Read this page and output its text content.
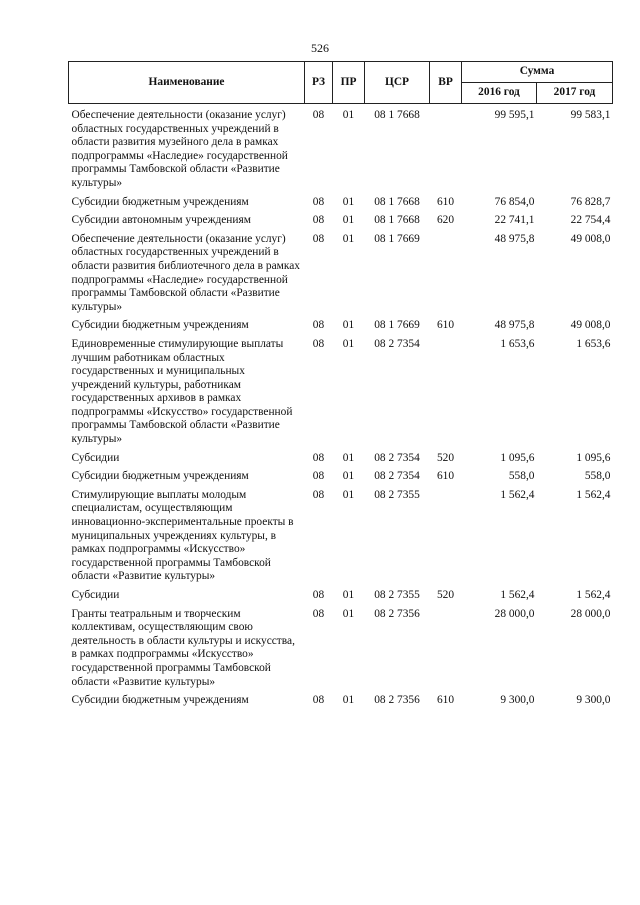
526
Наименование	РЗ	ПР	ЦСР	ВР	Сумма	
					2016 год	2017 год
Обеспечение деятельности (оказание услуг) областных государственных учреждений в области развития музейного дела в рамках подпрограммы «Наследие» государственной программы Тамбовской области «Развитие культуры»	08	01	08 1 7668		99 595,1	99 583,1
Субсидии бюджетным учреждениям	08	01	08 1 7668	610	76 854,0	76 828,7
Субсидии автономным учреждениям	08	01	08 1 7668	620	22 741,1	22 754,4
Обеспечение деятельности (оказание услуг) областных государственных учреждений в области развития библиотечного дела в рамках подпрограммы «Наследие» государственной программы Тамбовской области «Развитие культуры»	08	01	08 1 7669		48 975,8	49 008,0
Субсидии бюджетным учреждениям	08	01	08 1 7669	610	48 975,8	49 008,0
Единовременные стимулирующие выплаты лучшим работникам областных государственных и муниципальных учреждений культуры, работникам государственных архивов в рамках подпрограммы «Искусство» государственной программы Тамбовской области «Развитие культуры»	08	01	08 2 7354		1 653,6	1 653,6
Субсидии	08	01	08 2 7354	520	1 095,6	1 095,6
Субсидии бюджетным учреждениям	08	01	08 2 7354	610	558,0	558,0
Стимулирующие выплаты молодым специалистам, осуществляющим инновационно-экспериментальные проекты в муниципальных учреждениях культуры, в рамках подпрограммы «Искусство» государственной программы Тамбовской области «Развитие культуры»	08	01	08 2 7355		1 562,4	1 562,4
Субсидии	08	01	08 2 7355	520	1 562,4	1 562,4
Гранты театральным и творческим коллективам, осуществляющим свою деятельность в области культуры и искусства, в рамках подпрограммы «Искусство» государственной программы Тамбовской области «Развитие культуры»	08	01	08 2 7356		28 000,0	28 000,0
Субсидии бюджетным учреждениям	08	01	08 2 7356	610	9 300,0	9 300,0
